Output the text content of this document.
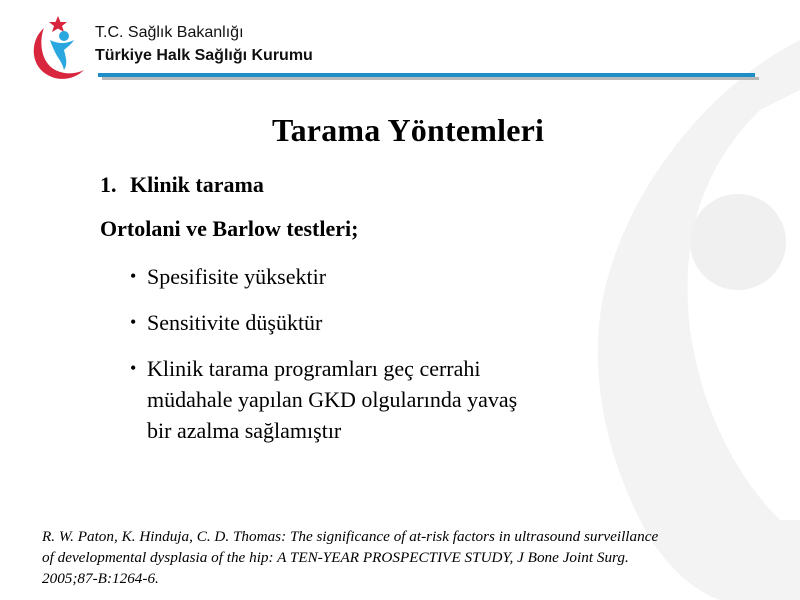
T.C. Sağlık Bakanlığı
Türkiye Halk Sağlığı Kurumu
Tarama Yöntemleri
1. Klinik tarama
Ortolani ve Barlow testleri;
• Spesifisite yüksektir
• Sensitivite düşüktür
• Klinik tarama programları geç cerrahi
müdahale yapılan GKD olgularında yavaş
bir azalma sağlamıştır
R. W. Paton, K. Hinduja, C. D. Thomas: The significance of at-risk factors in ultrasound surveillance
of developmental dysplasia of the hip: A TEN-YEAR PROSPECTIVE STUDY, J Bone Joint Surg.
2005;87-B:1264-6.
